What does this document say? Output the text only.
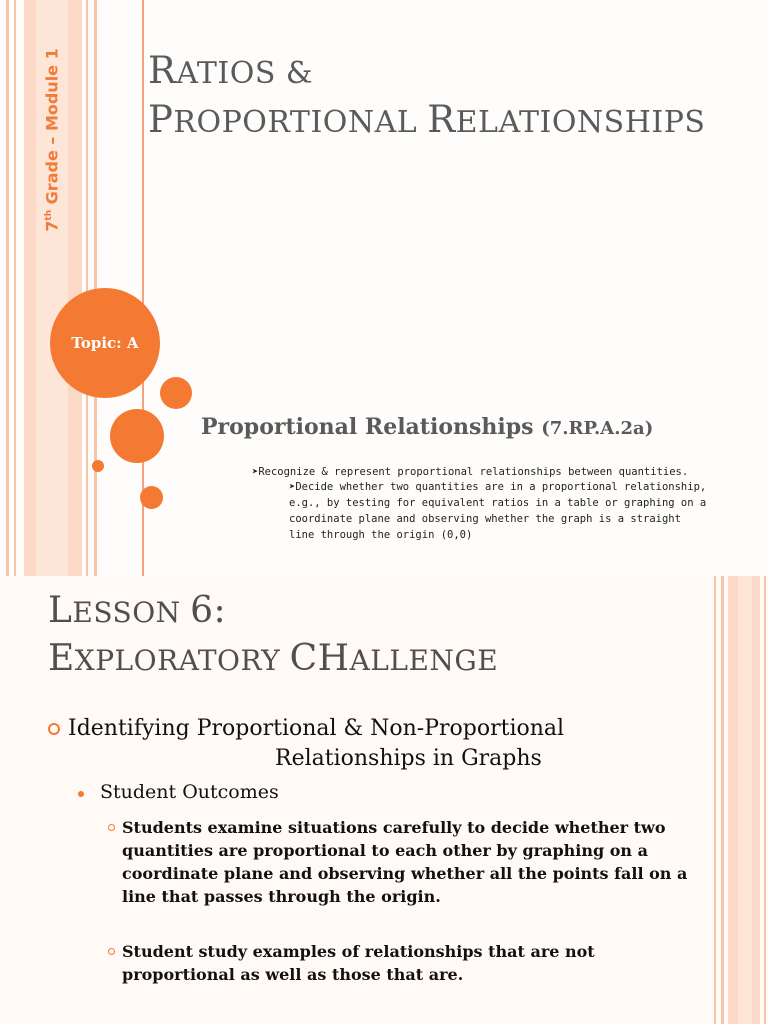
7th Grade – Module 1 RATIOS &
PROPORTIONAL RELATIONSHIPS
Topic: A
Proportional Relationships (7.RP.A.2a)
➤Recognize & represent proportional relationships between quantities.
➤Decide whether two quantities are in a proportional relationship, e.g., by testing for equivalent ratios in a table or graphing on a coordinate plane and observing whether the graph is a straight line through the origin (0,0)
LESSON 6:
EXPLORATORY CHALLENGE
Identifying Proportional & Non-Proportional
Relationships in Graphs
Student Outcomes
Students examine situations carefully to decide whether two quantities are proportional to each other by graphing on a coordinate plane and observing whether all the points fall on a line that passes through the origin.
Student study examples of relationships that are not proportional as well as those that are.
